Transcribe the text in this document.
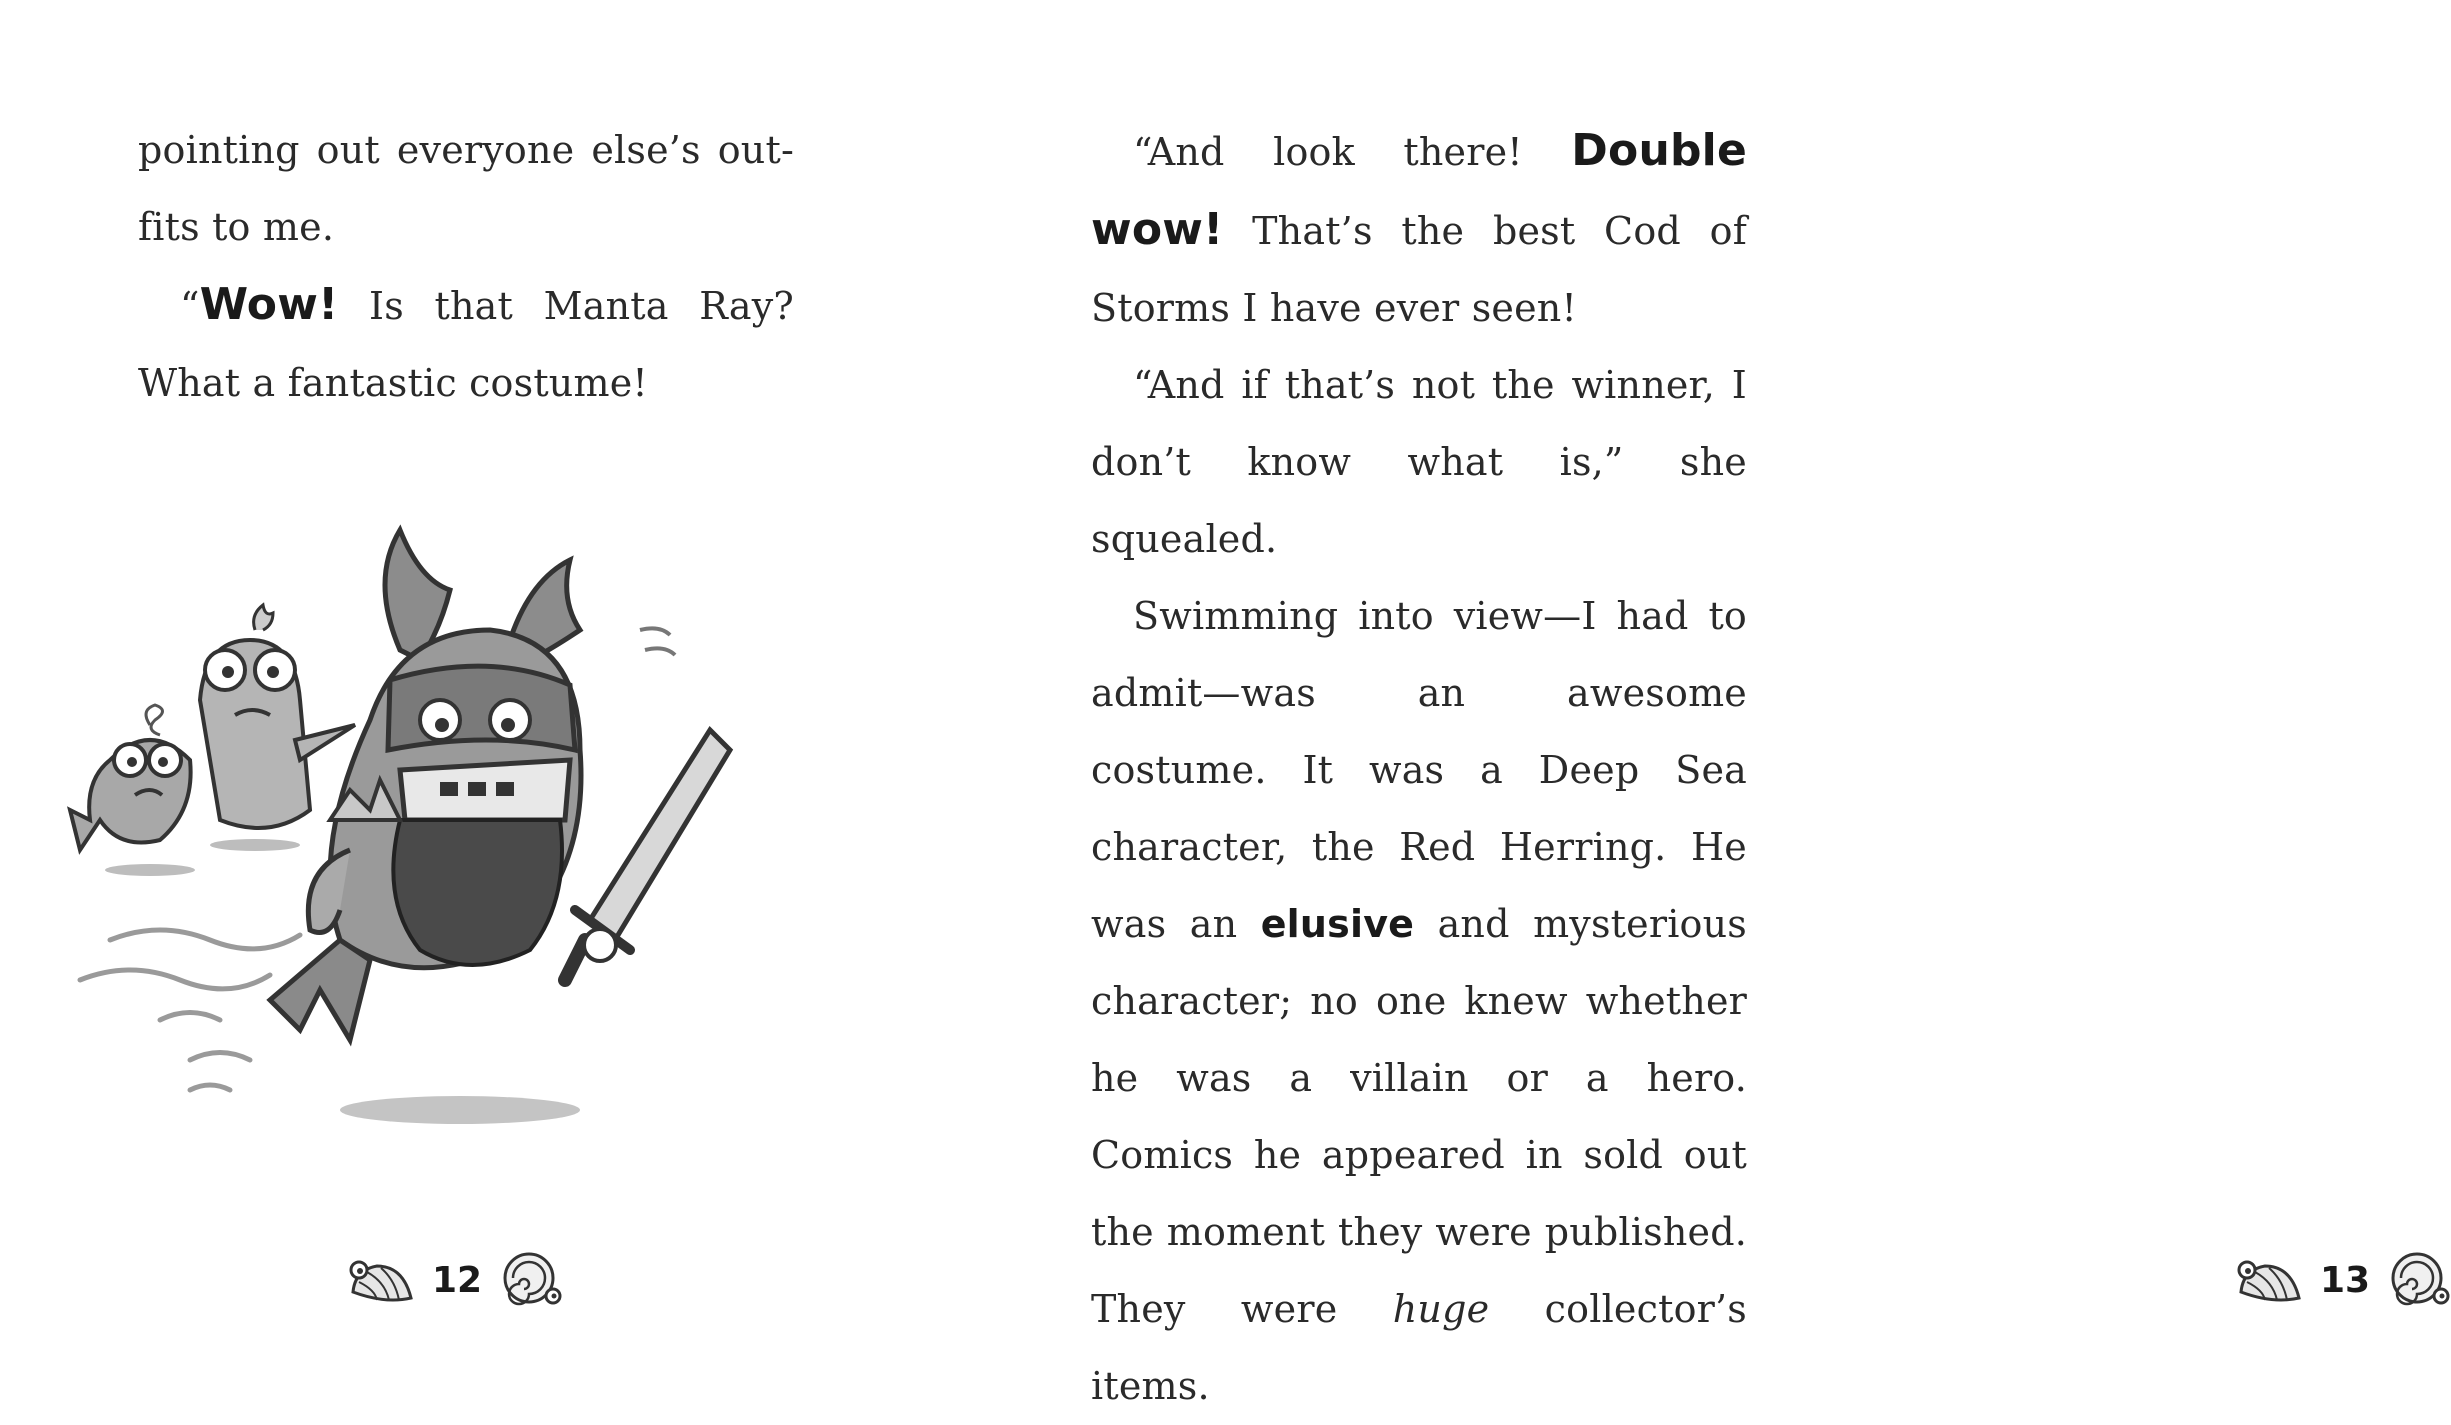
pointing out everyone else’s out-fits to me.

“Wow! Is that Manta Ray? What a fantastic costume!

12

“And look there! Double wow! That’s the best Cod of Storms I have ever seen!

“And if that’s not the winner, I don’t know what is,” she squealed.

Swimming into view—I had to admit—was an awesome costume. It was a Deep Sea character, the Red Herring. He was an elusive and mysterious character; no one knew whether he was a villain or a hero. Comics he appeared in sold out the moment they were published. They were huge collector’s items.

13
